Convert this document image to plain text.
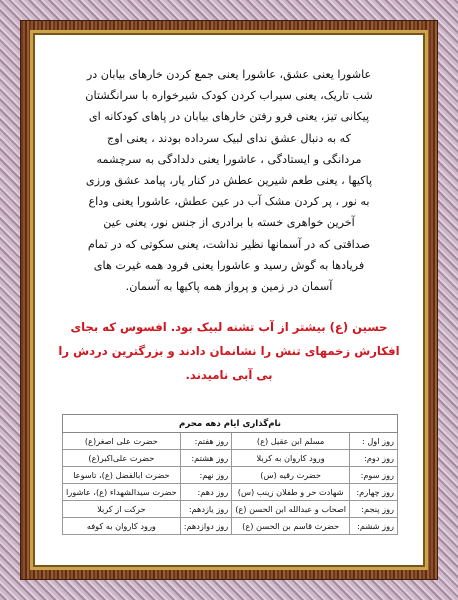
عاشورا یعنی عشق، عاشورا یعنی جمع کردن خارهای بیابان در
شب تاریک، یعنی سیراب کردن کودک شیرخواره با سرانگشتان
پیکانی تیز، یعنی فرو رفتن خارهای بیابان در پاهای کودکانه ای
که به دنبال عشق ندای لبیک سرداده بودند ، یعنی اوج
مردانگی و ایستادگی ، عاشورا یعنی دلدادگی به سرچشمه
پاکیها ، یعنی طعم شیرین عطش در کنار یار، پیامد عشق ورزی
به نور ، پر کردن مشک آب در عین عطش، عاشورا یعنی وداع
آخرین خواهری خسته با برادری از جنس نور، یعنی عین
صداقتی که در آسمانها نظیر نداشت، یعنی سکوتی که در تمام
فریادها به گوش رسید و عاشورا یعنی فرود همه غیرت های
آسمان در زمین و پرواز همه پاکیها به آسمان.
حسین (ع) بیشتر از آب تشنه لبیک بود. افسوس که بجای
افکارش زخمهای تنش را نشانمان دادند و بزرگترین دردش را
بی آبی نامیدند.
نام‌گذاری ایام دهه محرم			
روز اول :	مسلم ابن عقیل (ع)	روز هفتم:	حضرت علی اصغر(ع)
روز دوم:	ورود کاروان به کربلا	روز هشتم:	حضرت علی‌اکبر(ع)
روز سوم:	حضرت رقیه (س)	روز نهم:	حضرت ابالفضل (ع)، تاسوعا
روز چهارم:	شهادت حر و طفلان زینب (س)	روز دهم:	حضرت سیدالشهداء (ع)، عاشورا
روز پنجم:	اصحاب و عبدالله ابن الحسن (ع)	روز یازدهم:	حرکت از کربلا
روز ششم:	حضرت قاسم بن الحسن (ع)	روز دوازدهم:	ورود کاروان به کوفه
